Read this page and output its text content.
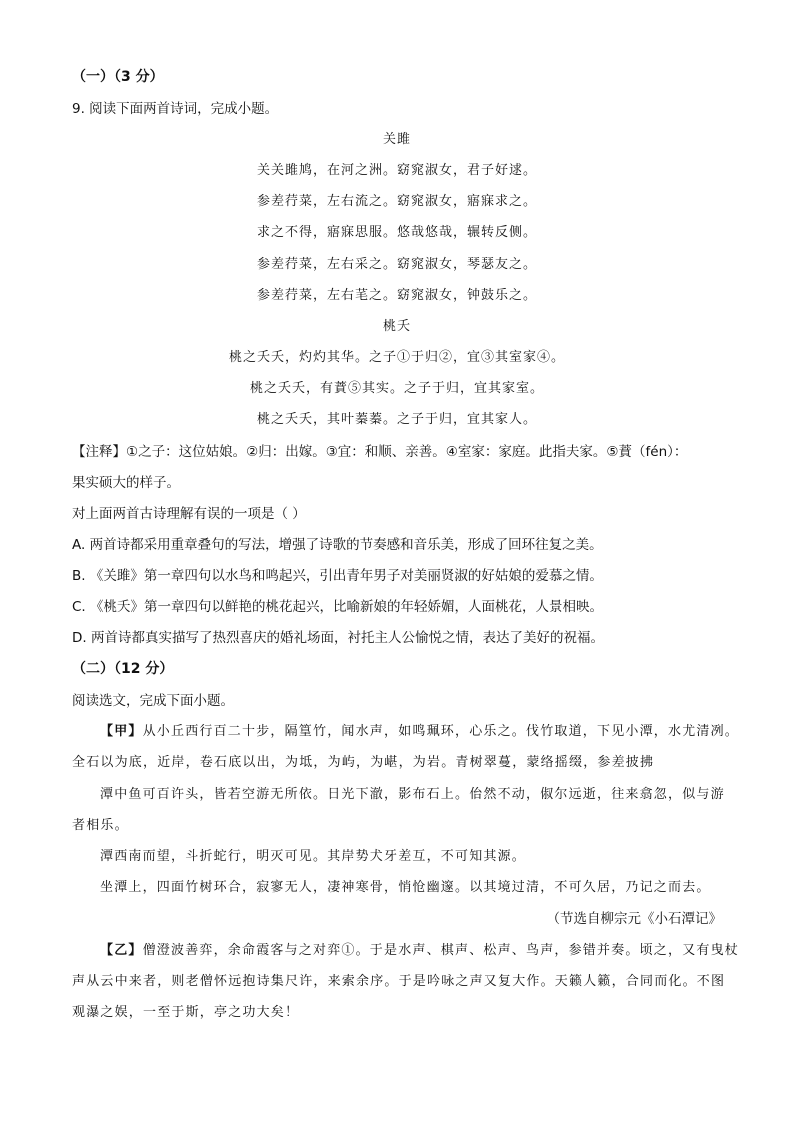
（一）（3 分）
9. 阅读下面两首诗词，完成小题。
关雎
关关雎鸠，在河之洲。窈窕淑女，君子好逑。
参差荇菜，左右流之。窈窕淑女，寤寐求之。
求之不得，寤寐思服。悠哉悠哉，辗转反侧。
参差荇菜，左右采之。窈窕淑女，琴瑟友之。
参差荇菜，左右芼之。窈窕淑女，钟鼓乐之。
桃夭
桃之夭夭，灼灼其华。之子①于归②，宜③其室家④。
桃之夭夭，有蕡⑤其实。之子于归，宜其家室。
桃之夭夭，其叶蓁蓁。之子于归，宜其家人。
【注释】①之子：这位姑娘。②归：出嫁。③宜：和顺、亲善。④室家：家庭。此指夫家。⑤蕡（fén）：
果实硕大的样子。
对上面两首古诗理解有误的一项是（ ）
A. 两首诗都采用重章叠句的写法，增强了诗歌的节奏感和音乐美，形成了回环往复之美。
B. 《关雎》第一章四句以水鸟和鸣起兴，引出青年男子对美丽贤淑的好姑娘的爱慕之情。
C. 《桃夭》第一章四句以鲜艳的桃花起兴，比喻新娘的年轻娇媚，人面桃花，人景相映。
D. 两首诗都真实描写了热烈喜庆的婚礼场面，衬托主人公愉悦之情，表达了美好的祝福。
（二）（12 分）
阅读选文，完成下面小题。
【甲】从小丘西行百二十步，隔篁竹，闻水声，如鸣珮环，心乐之。伐竹取道，下见小潭，水尤清冽。
全石以为底，近岸，卷石底以出，为坻，为屿，为嵁，为岩。青树翠蔓，蒙络摇缀，参差披拂
潭中鱼可百许头，皆若空游无所依。日光下澈，影布石上。佁然不动，俶尔远逝，往来翕忽，似与游
者相乐。
潭西南而望，斗折蛇行，明灭可见。其岸势犬牙差互，不可知其源。
坐潭上，四面竹树环合，寂寥无人，凄神寒骨，悄怆幽邃。以其境过清，不可久居，乃记之而去。
（节选自柳宗元《小石潭记》
【乙】僧澄波善弈，余命霞客与之对弈①。于是水声、棋声、松声、鸟声，参错并奏。顷之，又有曳杖
声从云中来者，则老僧怀远抱诗集尺许，来索余序。于是吟咏之声又复大作。天籁人籁，合同而化。不图
观瀑之娱，一至于斯，亭之功大矣！
